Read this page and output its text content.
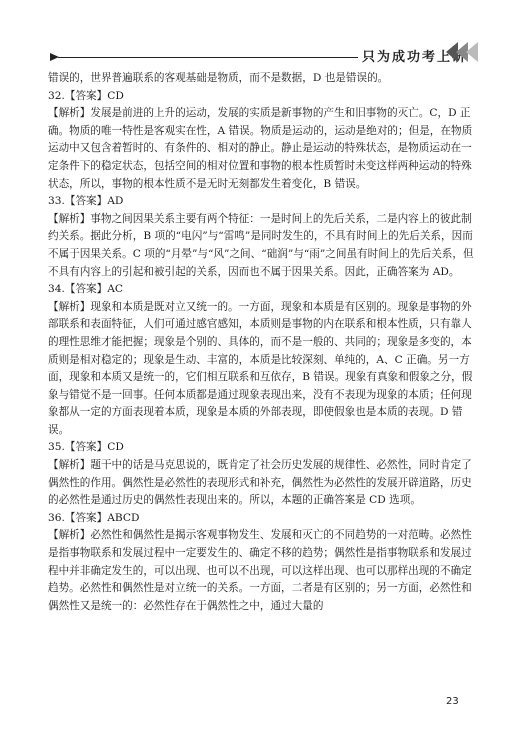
只为成功考上研

错误的，世界普遍联系的客观基础是物质，而不是数据，D 也是错误的。

32.【答案】CD

【解析】发展是前进的上升的运动，发展的实质是新事物的产生和旧事物的灭亡。C，D 正确。物质的唯一特性是客观实在性，A 错误。物质是运动的，运动是绝对的；但是，在物质运动中又包含着暂时的、有条件的、相对的静止。静止是运动的特殊状态，是物质运动在一定条件下的稳定状态，包括空间的相对位置和事物的根本性质暂时未变这样两种运动的特殊状态，所以，事物的根本性质不是无时无刻都发生着变化，B 错误。

33.【答案】AD

【解析】事物之间因果关系主要有两个特征：一是时间上的先后关系，二是内容上的彼此制约关系。据此分析，B 项的“电闪”与“雷鸣”是同时发生的，不具有时间上的先后关系，因而不属于因果关系。C 项的“月晕”与“风”之间、“础润”与“雨”之间虽有时间上的先后关系，但不具有内容上的引起和被引起的关系，因而也不属于因果关系。因此，正确答案为 AD。

34.【答案】AC

【解析】现象和本质是既对立又统一的。一方面，现象和本质是有区别的。现象是事物的外部联系和表面特征，人们可通过感官感知，本质则是事物的内在联系和根本性质，只有靠人的理性思维才能把握；现象是个别的、具体的，而不是一般的、共同的；现象是多变的，本质则是相对稳定的；现象是生动、丰富的，本质是比较深刻、单纯的，A、C 正确。另一方面，现象和本质又是统一的，它们相互联系和互依存，B 错误。现象有真象和假象之分，假象与错觉不是一回事。任何本质都是通过现象表现出来，没有不表现为现象的本质；任何现象都从一定的方面表现着本质，现象是本质的外部表现，即使假象也是本质的表现。D 错误。

35.【答案】CD

【解析】题干中的话是马克思说的，既肯定了社会历史发展的规律性、必然性，同时肯定了偶然性的作用。偶然性是必然性的表现形式和补充，偶然性为必然性的发展开辟道路，历史的必然性是通过历史的偶然性表现出来的。所以，本题的正确答案是 CD 选项。

36.【答案】ABCD

【解析】必然性和偶然性是揭示客观事物发生、发展和灭亡的不同趋势的一对范畴。必然性是指事物联系和发展过程中一定要发生的、确定不移的趋势；偶然性是指事物联系和发展过程中并非确定发生的，可以出现、也可以不出现，可以这样出现、也可以那样出现的不确定趋势。必然性和偶然性是对立统一的关系。一方面，二者是有区别的；另一方面，必然性和偶然性又是统一的：必然性存在于偶然性之中，通过大量的

23
